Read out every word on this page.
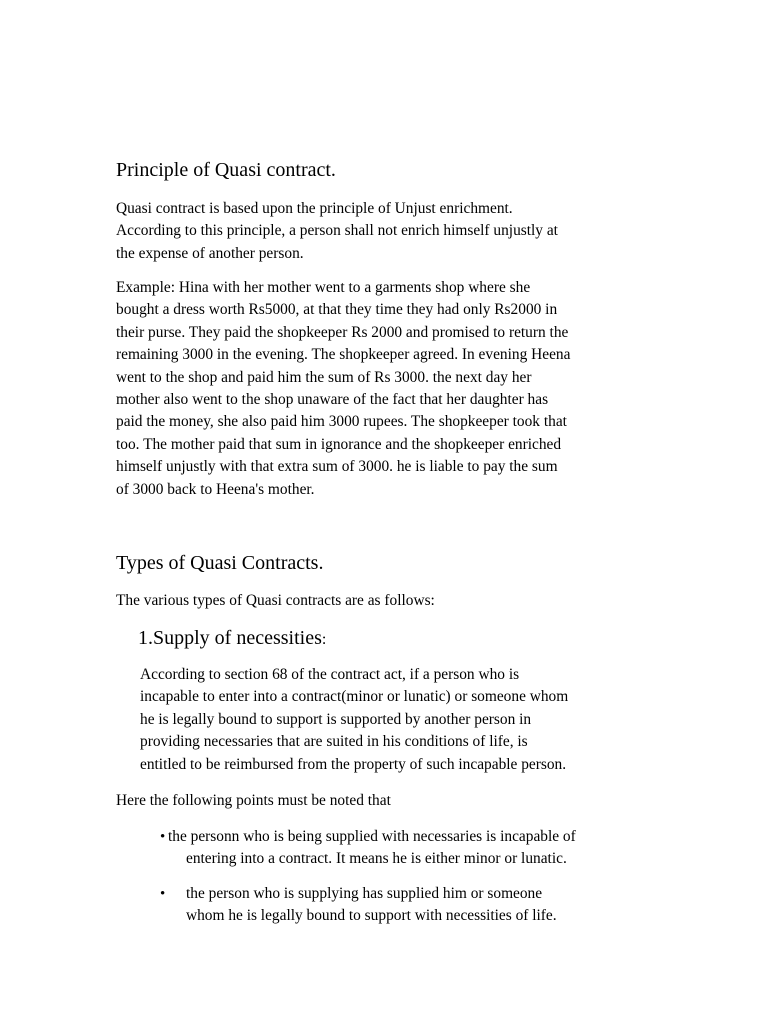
Principle of Quasi contract.
Quasi contract is based upon the principle of Unjust enrichment.
According to this principle, a person shall not enrich himself unjustly at
the expense of another person.
Example: Hina with her mother went to a garments shop where she
bought a dress worth Rs5000, at that they time they had only Rs2000 in
their purse. They paid the shopkeeper Rs 2000 and promised to return the
remaining 3000 in the evening. The shopkeeper agreed. In evening Heena
went to the shop and paid him the sum of Rs 3000. the next day her
mother also went to the shop unaware of the fact that her daughter has
paid the money, she also paid him 3000 rupees. The shopkeeper took that
too. The mother paid that sum in ignorance and the shopkeeper enriched
himself unjustly with that extra sum of 3000. he is liable to pay the sum
of 3000 back to Heena's mother.
Types of Quasi Contracts.
The various types of Quasi contracts are as follows:
1.Supply of necessities:
According to section 68 of the contract act, if a person who is
incapable to enter into a contract(minor or lunatic) or someone whom
he is legally bound to support is supported by another person in
providing necessaries that are suited in his conditions of life, is
entitled to be reimbursed from the property of such incapable person.
Here the following points must be noted that
• the personn who is being supplied with necessaries is incapable of
entering into a contract. It means he is either minor or lunatic.
•	the person who is supplying has supplied him or someone
whom he is legally bound to support with necessities of life.
